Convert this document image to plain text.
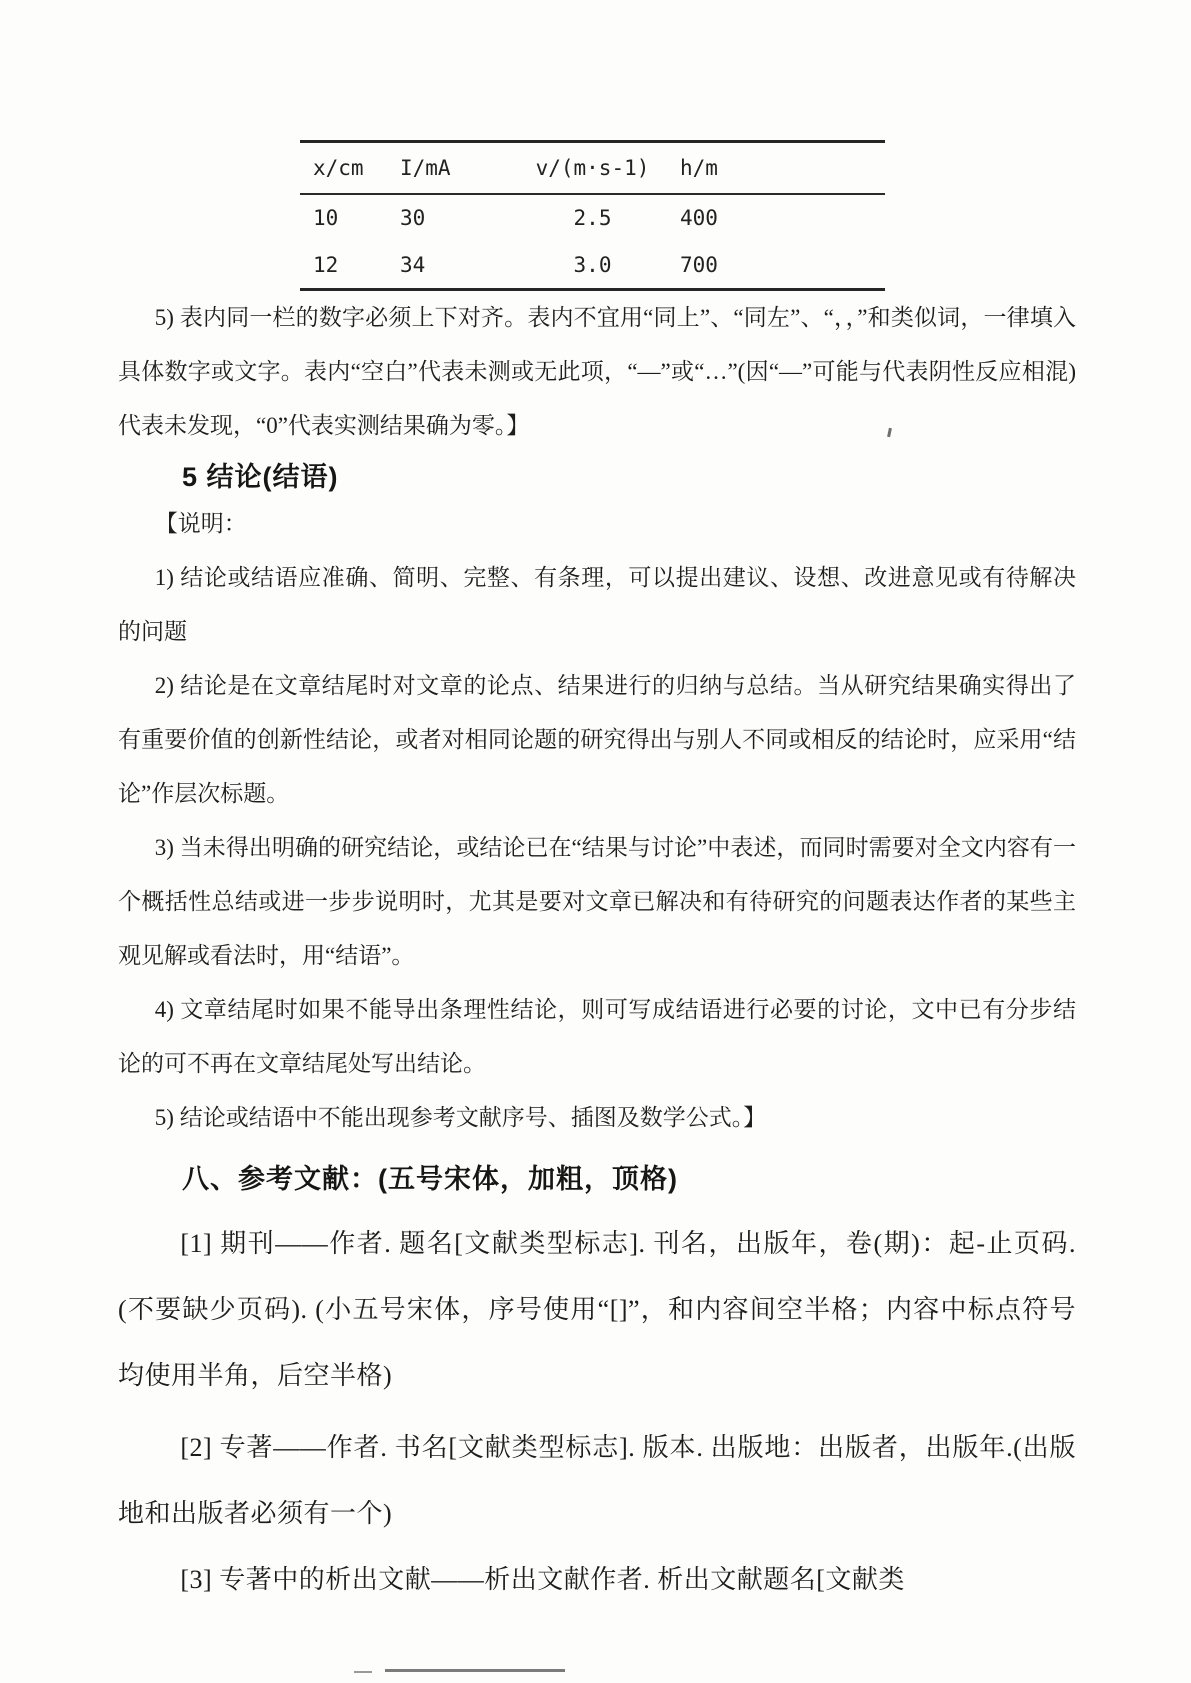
x/cm	I/mA	v/(m·s-1)	h/m
10	30	2.5	400
12	34	3.0	700

5) 表内同一栏的数字必须上下对齐。表内不宜用“同上”、“同左”、“，，”和类似词，一律填入具体数字或文字。表内“空白”代表未测或无此项，“—”或“…”(因“—”可能与代表阴性反应相混)代表未发现，“0”代表实测结果确为零。】

5 结论(结语)

【说明：

1) 结论或结语应准确、简明、完整、有条理，可以提出建议、设想、改进意见或有待解决的问题

2) 结论是在文章结尾时对文章的论点、结果进行的归纳与总结。当从研究结果确实得出了有重要价值的创新性结论，或者对相同论题的研究得出与别人不同或相反的结论时，应采用“结论”作层次标题。

3) 当未得出明确的研究结论，或结论已在“结果与讨论”中表述，而同时需要对全文内容有一个概括性总结或进一步步说明时，尤其是要对文章已解决和有待研究的问题表达作者的某些主观见解或看法时，用“结语”。

4) 文章结尾时如果不能导出条理性结论，则可写成结语进行必要的讨论，文中已有分步结论的可不再在文章结尾处写出结论。

5) 结论或结语中不能出现参考文献序号、插图及数学公式。】

八、参考文献：(五号宋体，加粗，顶格)

[1] 期刊——作者. 题名[文献类型标志]. 刊名，出版年，卷(期)：起-止页码.(不要缺少页码). (小五号宋体，序号使用“[]”，和内容间空半格；内容中标点符号均使用半角，后空半格)

[2] 专著——作者. 书名[文献类型标志]. 版本. 出版地：出版者，出版年.(出版地和出版者必须有一个)

[3] 专著中的析出文献——析出文献作者. 析出文献题名[文献类
